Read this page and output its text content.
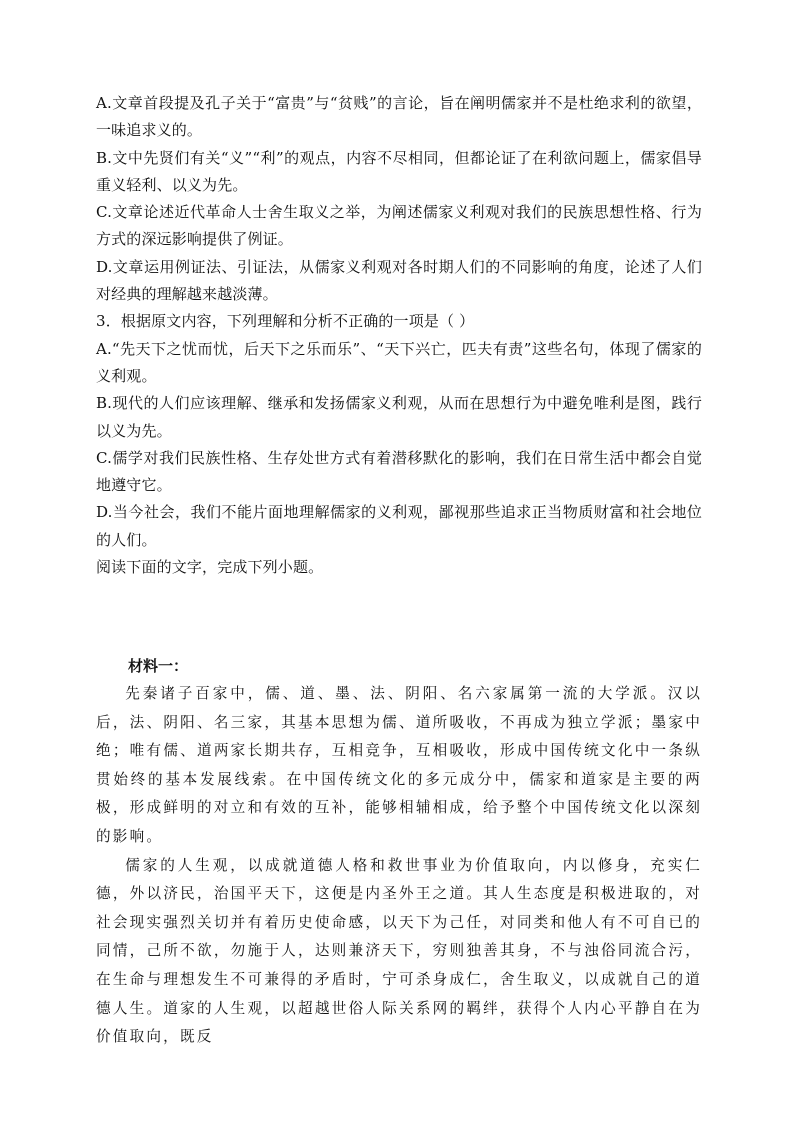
A.文章首段提及孔子关于“富贵”与“贫贱”的言论，旨在阐明儒家并不是杜绝求利的欲望，一味追求义的。

B.文中先贤们有关“义”“利”的观点，内容不尽相同，但都论证了在利欲问题上，儒家倡导重义轻利、以义为先。

C.文章论述近代革命人士舍生取义之举，为阐述儒家义利观对我们的民族思想性格、行为方式的深远影响提供了例证。

D.文章运用例证法、引证法，从儒家义利观对各时期人们的不同影响的角度，论述了人们对经典的理解越来越淡薄。

3．根据原文内容，下列理解和分析不正确的一项是（ ）

A.“先天下之忧而忧，后天下之乐而乐”、“天下兴亡，匹夫有责”这些名句，体现了儒家的义利观。

B.现代的人们应该理解、继承和发扬儒家义利观，从而在思想行为中避免唯利是图，践行以义为先。

C.儒学对我们民族性格、生存处世方式有着潜移默化的影响，我们在日常生活中都会自觉地遵守它。

D.当今社会，我们不能片面地理解儒家的义利观，鄙视那些追求正当物质财富和社会地位的人们。

阅读下面的文字，完成下列小题。

材料一：

先秦诸子百家中，儒、道、墨、法、阴阳、名六家属第一流的大学派。汉以后，法、阴阳、名三家，其基本思想为儒、道所吸收，不再成为独立学派；墨家中绝；唯有儒、道两家长期共存，互相竞争，互相吸收，形成中国传统文化中一条纵贯始终的基本发展线索。在中国传统文化的多元成分中，儒家和道家是主要的两极，形成鲜明的对立和有效的互补，能够相辅相成，给予整个中国传统文化以深刻的影响。

儒家的人生观，以成就道德人格和救世事业为价值取向，内以修身，充实仁德，外以济民，治国平天下，这便是内圣外王之道。其人生态度是积极进取的，对社会现实强烈关切并有着历史使命感，以天下为己任，对同类和他人有不可自已的同情，己所不欲，勿施于人，达则兼济天下，穷则独善其身，不与浊俗同流合污，在生命与理想发生不可兼得的矛盾时，宁可杀身成仁，舍生取义，以成就自己的道德人生。道家的人生观，以超越世俗人际关系网的羁绊，获得个人内心平静自在为价值取向，既反
